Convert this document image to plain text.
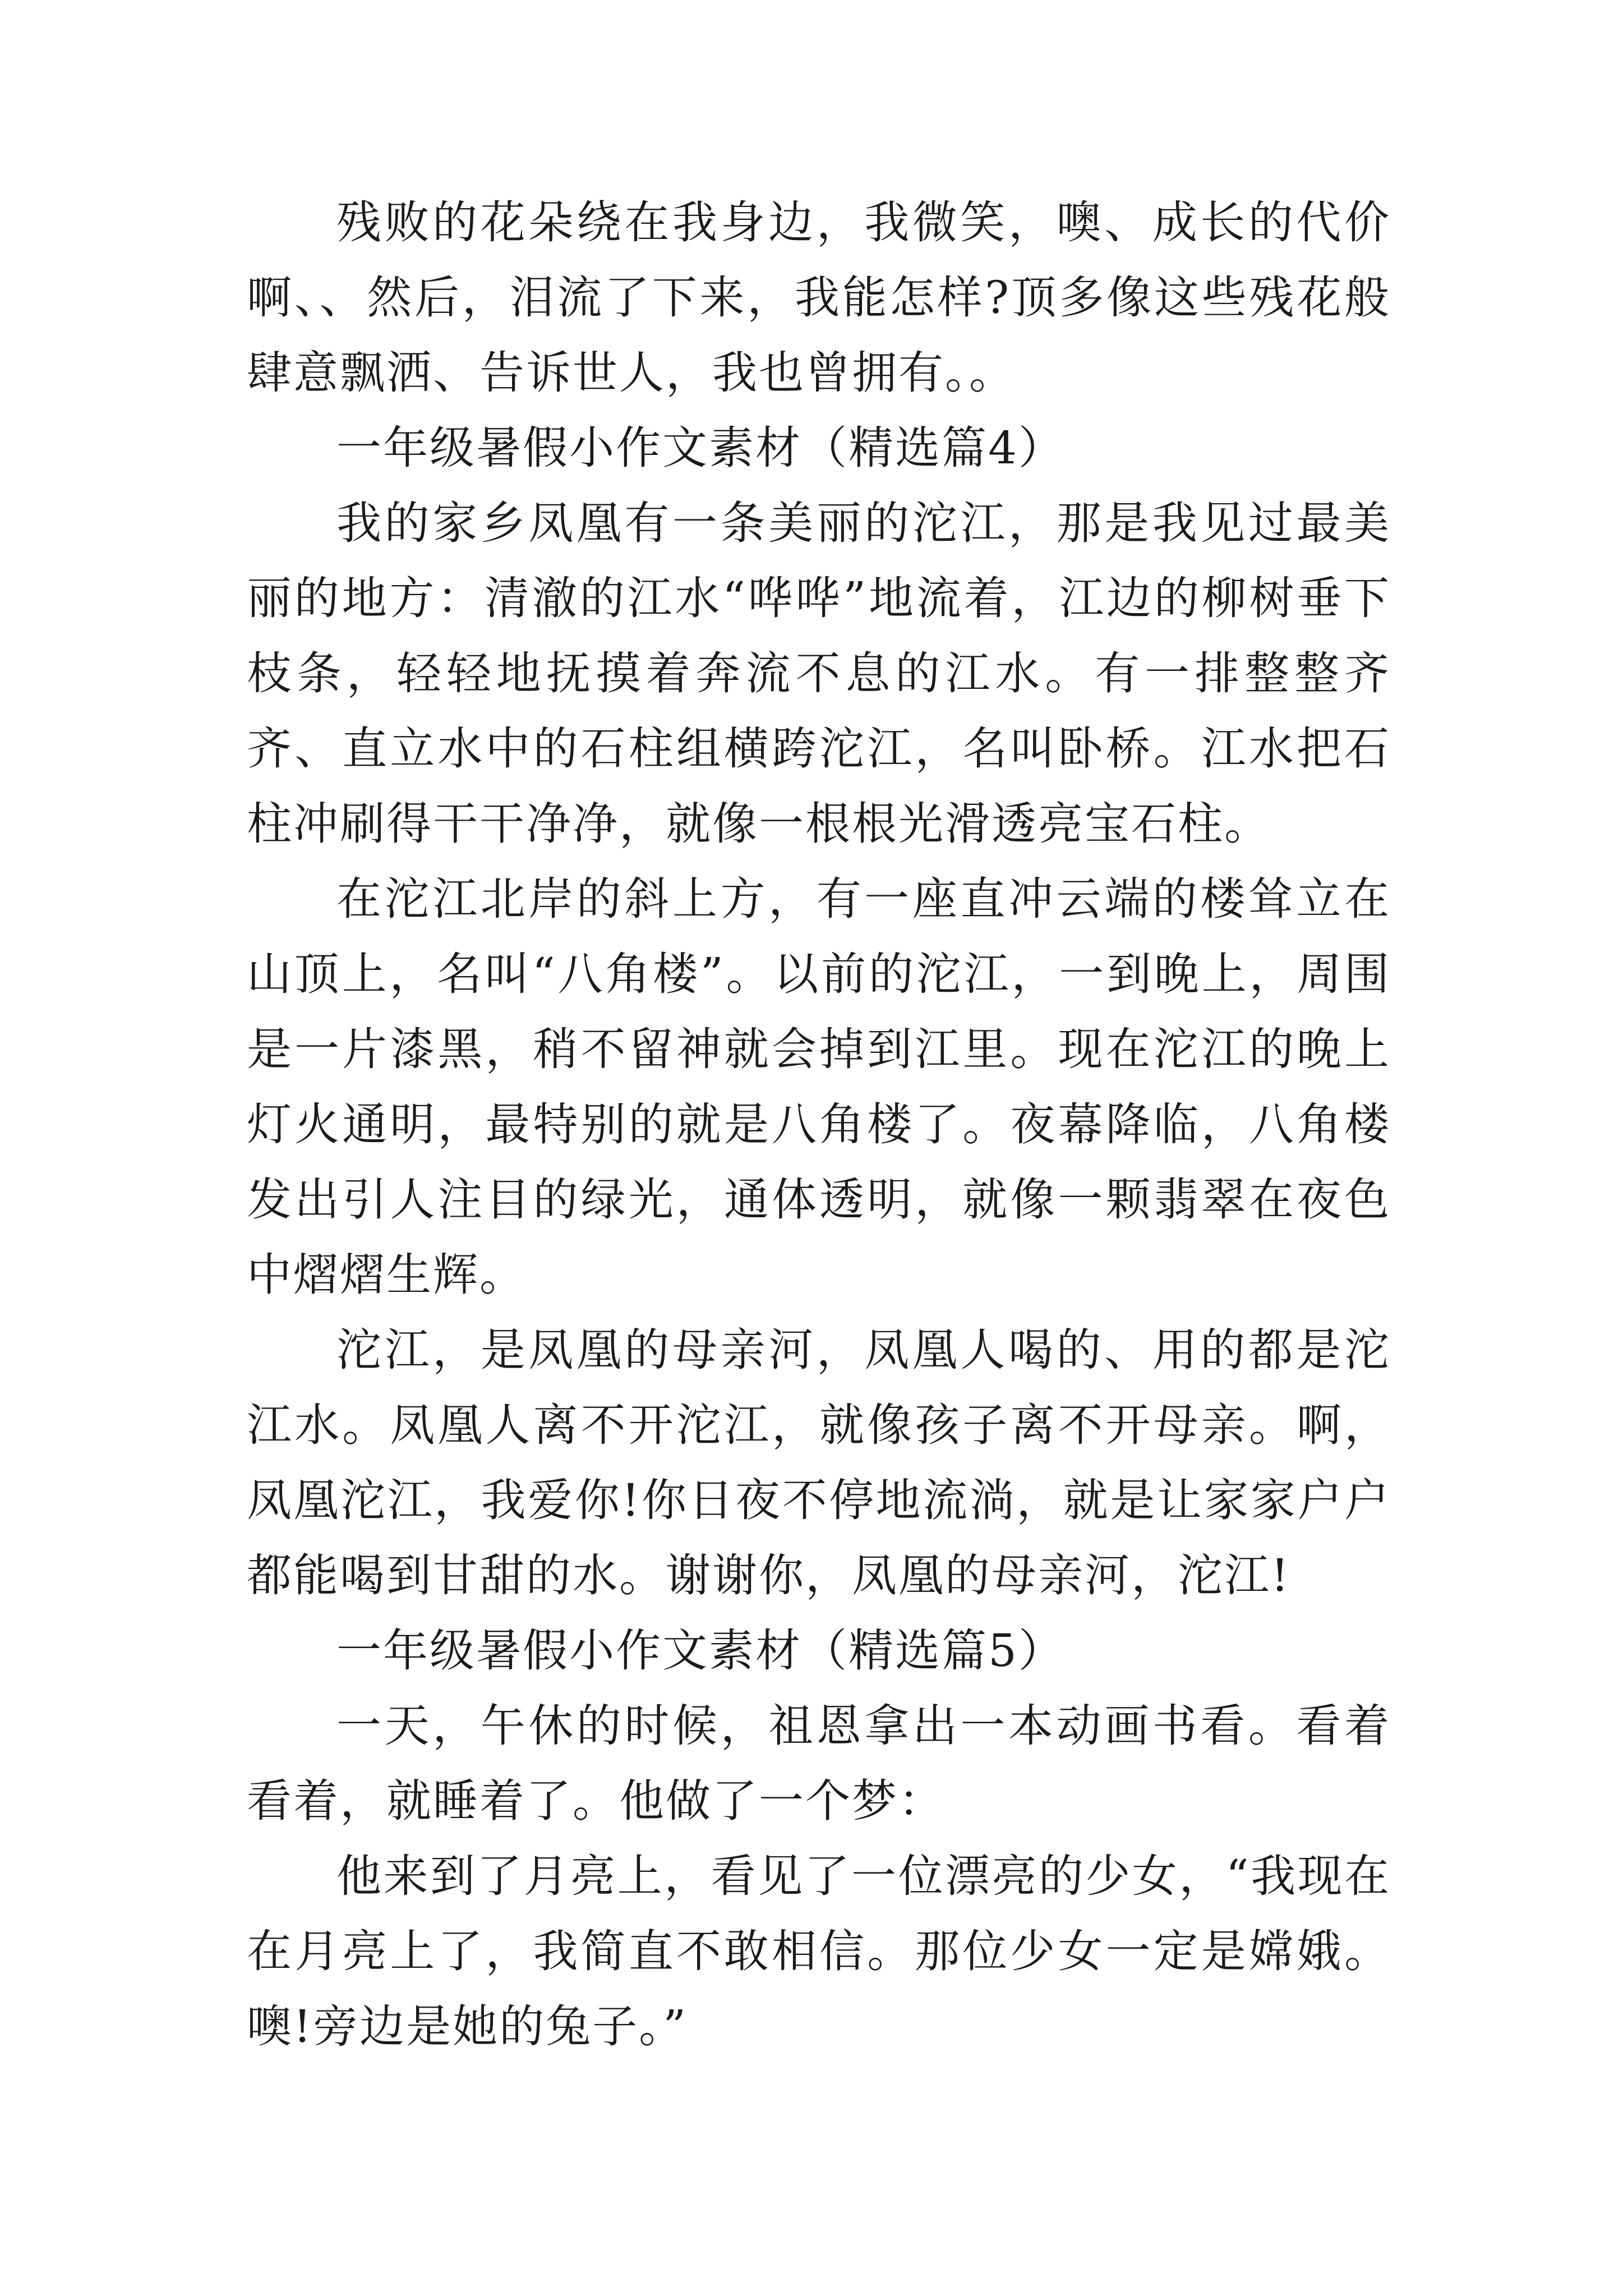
残败的花朵绕在我身边，我微笑，噢、成长的代价啊、、然后，泪流了下来，我能怎样?顶多像这些残花般肆意飘洒、告诉世人，我也曾拥有。。

一年级暑假小作文素材（精选篇4）

我的家乡凤凰有一条美丽的沱江，那是我见过最美丽的地方：清澈的江水“哗哗”地流着，江边的柳树垂下枝条，轻轻地抚摸着奔流不息的江水。有一排整整齐齐、直立水中的石柱组横跨沱江，名叫卧桥。江水把石柱冲刷得干干净净，就像一根根光滑透亮宝石柱。

在沱江北岸的斜上方，有一座直冲云端的楼耸立在山顶上，名叫“八角楼”。以前的沱江，一到晚上，周围是一片漆黑，稍不留神就会掉到江里。现在沱江的晚上灯火通明，最特别的就是八角楼了。夜幕降临，八角楼发出引人注目的绿光，通体透明，就像一颗翡翠在夜色中熠熠生辉。

沱江，是凤凰的母亲河，凤凰人喝的、用的都是沱江水。凤凰人离不开沱江，就像孩子离不开母亲。啊，凤凰沱江，我爱你!你日夜不停地流淌，就是让家家户户都能喝到甘甜的水。谢谢你，凤凰的母亲河，沱江!

一年级暑假小作文素材（精选篇5）

一天，午休的时候，祖恩拿出一本动画书看。看着看着，就睡着了。他做了一个梦：

他来到了月亮上，看见了一位漂亮的少女，“我现在在月亮上了，我简直不敢相信。那位少女一定是嫦娥。噢!旁边是她的兔子。”
